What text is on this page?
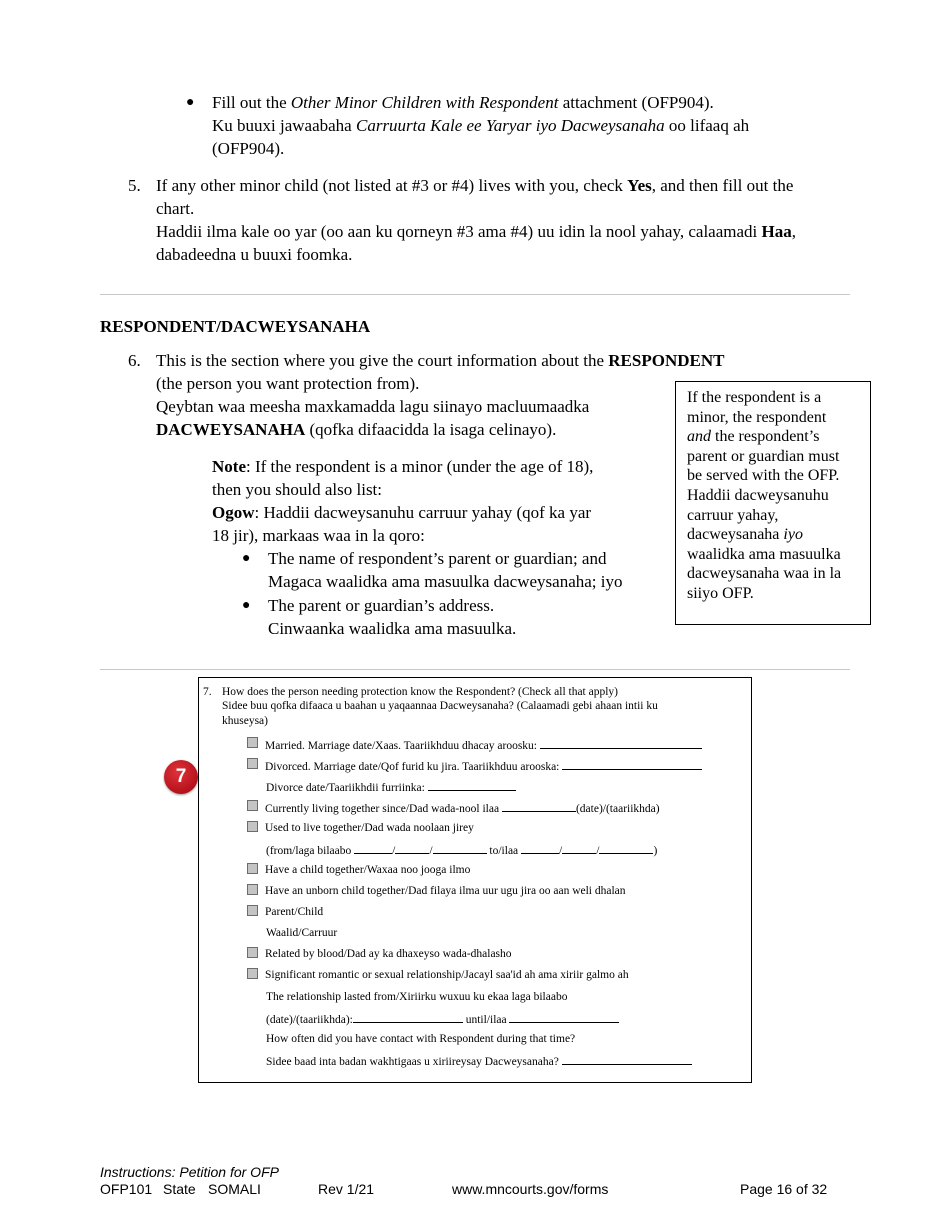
● Fill out the Other Minor Children with Respondent attachment (OFP904).
Ku buuxi jawaabaha Carruurta Kale ee Yaryar iyo Dacweysanaha oo lifaaq ah
(OFP904).
5. If any other minor child (not listed at #3 or #4) lives with you, check Yes, and then fill out the
chart.
Haddii ilma kale oo yar (oo aan ku qorneyn #3 ama #4) uu idin la nool yahay, calaamadi Haa,
dabadeedna u buuxi foomka.
RESPONDENT/DACWEYSANAHA
6. This is the section where you give the court information about the RESPONDENT
(the person you want protection from).
Qeybtan waa meesha maxkamadda lagu siinayo macluumaadka
DACWEYSANAHA (qofka difaacidda la isaga celinayo).
Note: If the respondent is a minor (under the age of 18),
then you should also list:
Ogow: Haddii dacweysanuhu carruur yahay (qof ka yar
18 jir), markaas waa in la qoro:
● The name of respondent’s parent or guardian; and
Magaca waalidka ama masuulka dacweysanaha; iyo
● The parent or guardian’s address.
Cinwaanka waalidka ama masuulka.
If the respondent is a
minor, the respondent
and the respondent’s
parent or guardian must
be served with the OFP.
Haddii dacweysanuhu
carruur yahay,
dacweysanaha iyo
waalidka ama masuulka
dacweysanaha waa in la
siiyo OFP.
7
7. How does the person needing protection know the Respondent? (Check all that apply)
Sidee buu qofka difaaca u baahan u yaqaannaa Dacweysanaha? (Calaamadi gebi ahaan intii ku
khuseysa)
Married. Marriage date/Xaas. Taariikhduu dhacay aroosku:
Divorced. Marriage date/Qof furid ku jira. Taariikhduu arooska:
Divorce date/Taariikhdii furriinka:
Currently living together since/Dad wada-nool ilaa	(date)/(taariikhda)
Used to live together/Dad wada noolaan jirey
(from/laga bilaabo	/	/	to/ilaa	/	/	)
Have a child together/Waxaa noo jooga ilmo
Have an unborn child together/Dad filaya ilma uur ugu jira oo aan weli dhalan
Parent/Child
Waalid/Carruur
Related by blood/Dad ay ka dhaxeyso wada-dhalasho
Significant romantic or sexual relationship/Jacayl saa'id ah ama xiriir galmo ah
The relationship lasted from/Xiriirku wuxuu ku ekaa laga bilaabo
(date)/(taariikhda):	until/ilaa
How often did you have contact with Respondent during that time?
Sidee baad inta badan wakhtigaas u xiriireysay Dacweysanaha?
Instructions: Petition for OFP
OFP101 State SOMALI	Rev 1/21	www.mncourts.gov/forms	Page 16 of 32
